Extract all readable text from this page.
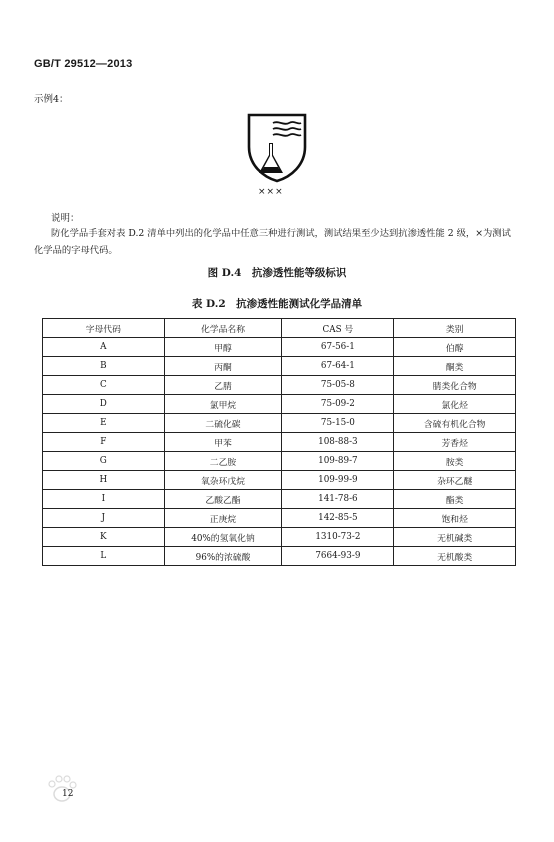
GB/T 29512—2013
示例4：
×××
说明：
防化学品手套对表 D.2 清单中列出的化学品中任意三种进行测试，测试结果至少达到抗渗透性能 2 级，×为测试化学品的字母代码。
图 D.4　抗渗透性能等级标识
表 D.2　抗渗透性能测试化学品清单
字母代码	化学品名称	CAS 号	类别
A	甲醇	67-56-1	伯醇
B	丙酮	67-64-1	酮类
C	乙腈	75-05-8	腈类化合物
D	氯甲烷	75-09-2	氯化烃
E	二硫化碳	75-15-0	含硫有机化合物
F	甲苯	108-88-3	芳香烃
G	二乙胺	109-89-7	胺类
H	氧杂环戊烷	109-99-9	杂环乙醚
I	乙酸乙酯	141-78-6	酯类
J	正庚烷	142-85-5	饱和烃
K	40%的氢氧化钠	1310-73-2	无机碱类
L	96%的浓硫酸	7664-93-9	无机酸类
12
